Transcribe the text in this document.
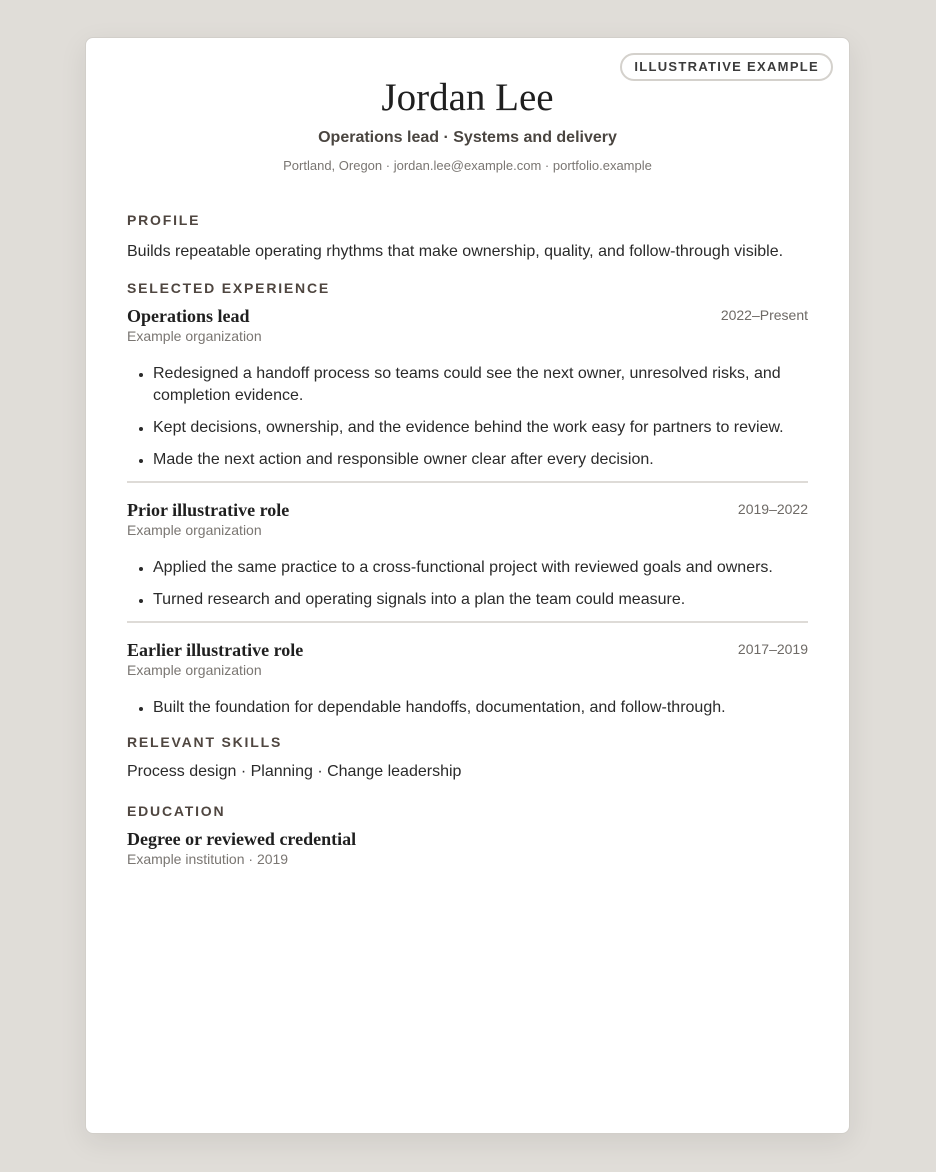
ILLUSTRATIVE EXAMPLE
Jordan Lee
Operations lead · Systems and delivery
Portland, Oregon · jordan.lee@example.com · portfolio.example
PROFILE
Builds repeatable operating rhythms that make ownership, quality, and follow-through visible.
SELECTED EXPERIENCE
Operations lead	2022–Present
Example organization
• Redesigned a handoff process so teams could see the next owner, unresolved risks, and completion evidence.
• Kept decisions, ownership, and the evidence behind the work easy for partners to review.
• Made the next action and responsible owner clear after every decision.
Prior illustrative role	2019–2022
Example organization
• Applied the same practice to a cross-functional project with reviewed goals and owners.
• Turned research and operating signals into a plan the team could measure.
Earlier illustrative role	2017–2019
Example organization
• Built the foundation for dependable handoffs, documentation, and follow-through.
RELEVANT SKILLS
Process design · Planning · Change leadership
EDUCATION
Degree or reviewed credential
Example institution · 2019
